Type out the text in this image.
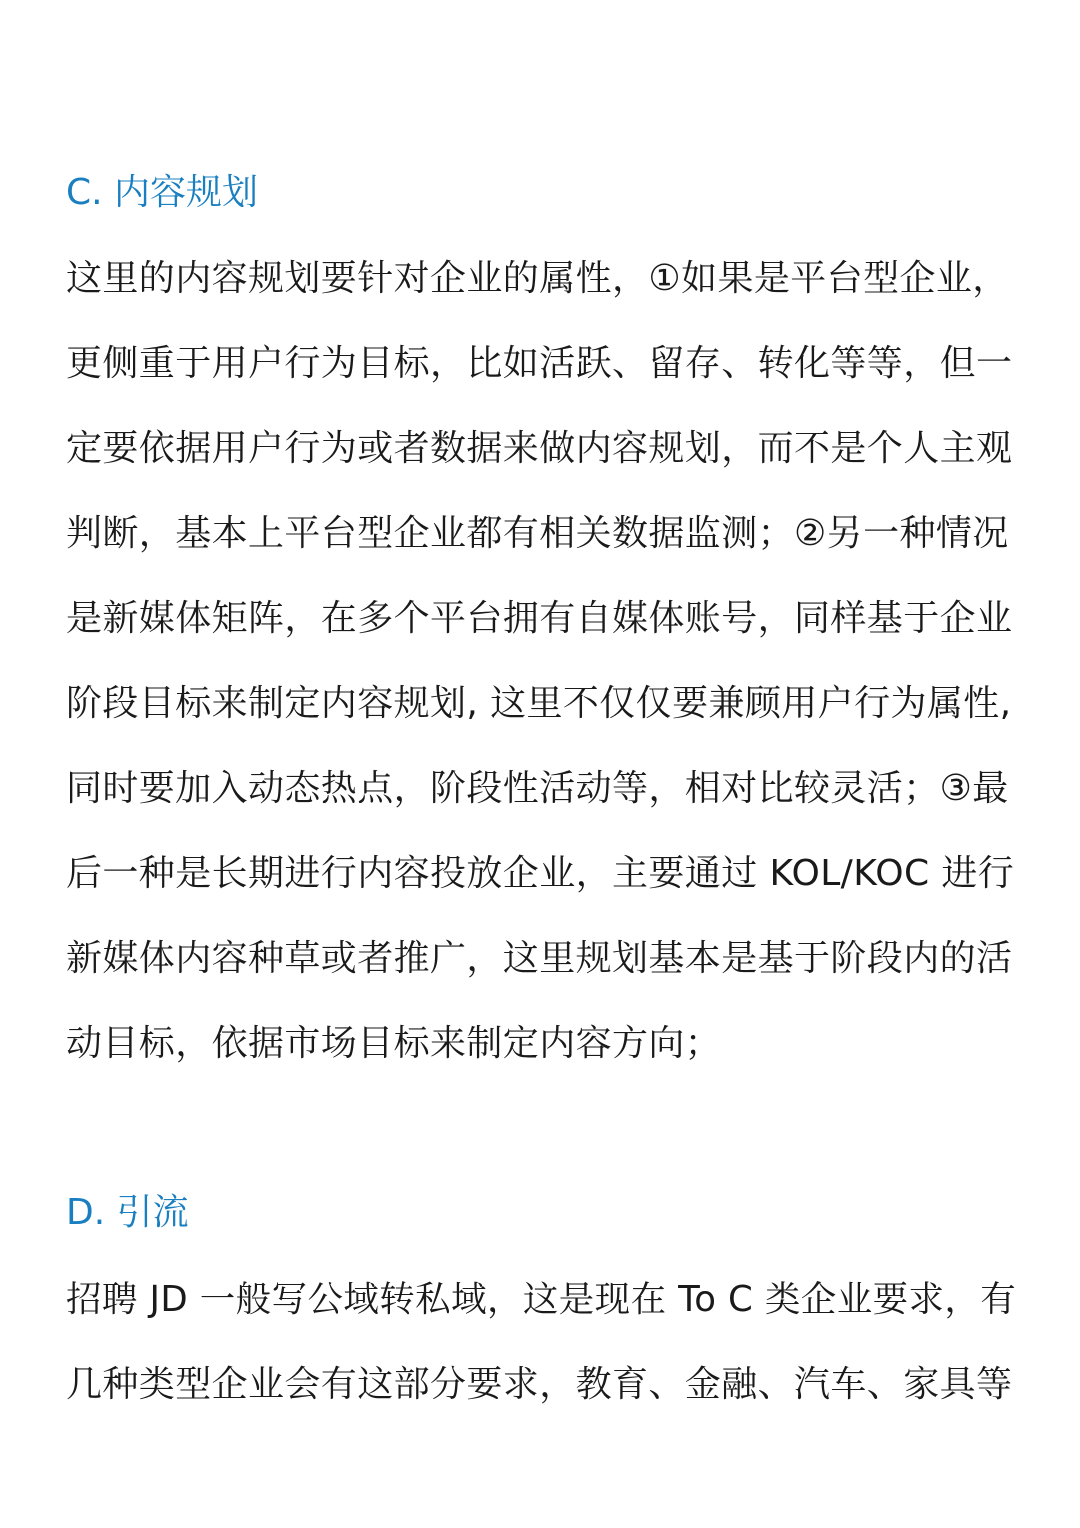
C. 内容规划
这里的内容规划要针对企业的属性，①如果是平台型企业，
更侧重于用户行为目标，比如活跃、留存、转化等等，但一
定要依据用户行为或者数据来做内容规划，而不是个人主观
判断，基本上平台型企业都有相关数据监测；②另一种情况
是新媒体矩阵，在多个平台拥有自媒体账号，同样基于企业
阶段目标来制定内容规划, 这里不仅仅要兼顾用户行为属性,
同时要加入动态热点，阶段性活动等，相对比较灵活；③最
后一种是长期进行内容投放企业，主要通过 KOL/KOC 进行
新媒体内容种草或者推广，这里规划基本是基于阶段内的活
动目标，依据市场目标来制定内容方向；
D. 引流
招聘 JD 一般写公域转私域，这是现在 To C 类企业要求，有
几种类型企业会有这部分要求，教育、金融、汽车、家具等
